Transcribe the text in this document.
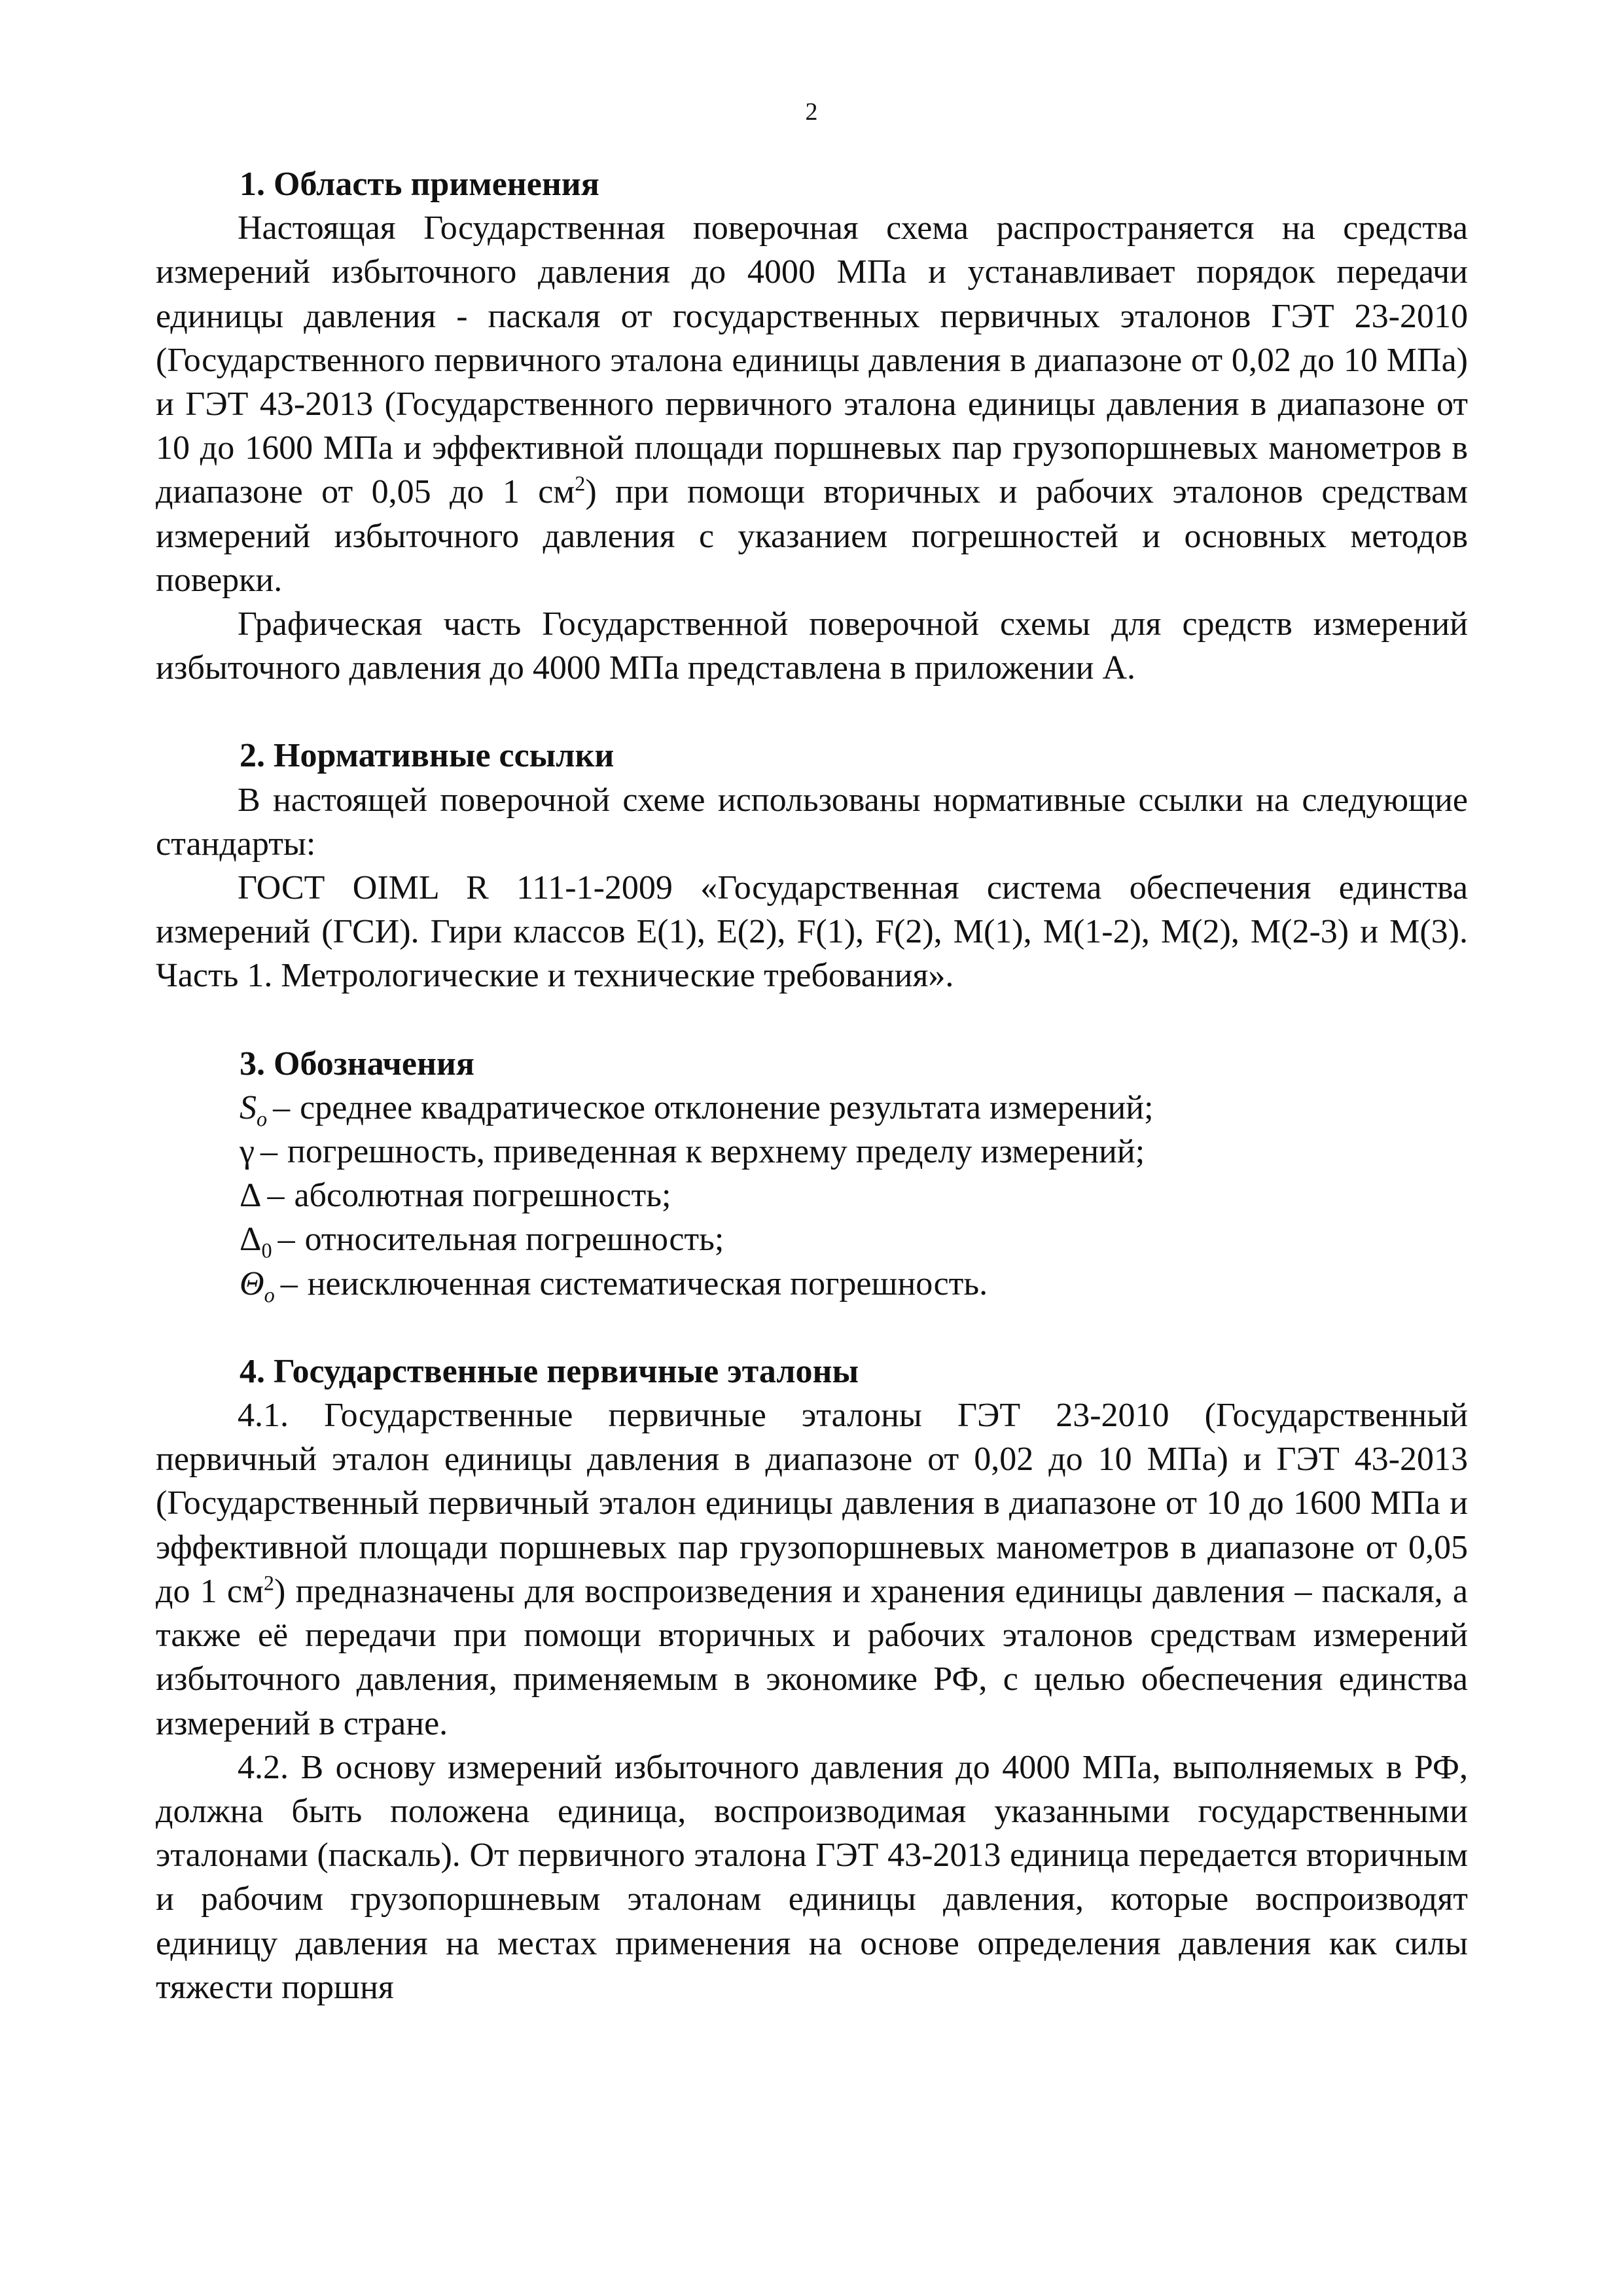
2

1. Область применения

Настоящая Государственная поверочная схема распространяется на средства измерений избыточного давления до 4000 МПа и устанавливает порядок передачи единицы давления - паскаля от государственных первичных эталонов ГЭТ 23-2010 (Государственного первичного эталона единицы давления в диапазоне от 0,02 до 10 МПа) и ГЭТ 43-2013 (Государственного первичного эталона единицы давления в диапазоне от 10 до 1600 МПа и эффективной площади поршневых пар грузопоршневых манометров в диапазоне от 0,05 до 1 $см^2$) при помощи вторичных и рабочих эталонов средствам измерений избыточного давления с указанием погрешностей и основных методов поверки.

Графическая часть Государственной поверочной схемы для средств измерений избыточного давления до 4000 МПа представлена в приложении А.

2. Нормативные ссылки

В настоящей поверочной схеме использованы нормативные ссылки на следующие стандарты:

ГОСТ OIML R 111-1-2009 «Государственная система обеспечения единства измерений (ГСИ). Гири классов Е(1), Е(2), F(1), F(2), М(1), М(1-2), М(2), М(2-3) и М(3). Часть 1. Метрологические и технические требования».

3. Обозначения

$S_о$ – среднее квадратическое отклонение результата измерений;
γ – погрешность, приведенная к верхнему пределу измерений;
Δ – абсолютная погрешность;
$\Delta_0$ – относительная погрешность;
$\Theta_о$ – неисключенная систематическая погрешность.

4. Государственные первичные эталоны

4.1. Государственные первичные эталоны ГЭТ 23-2010 (Государственный первичный эталон единицы давления в диапазоне от 0,02 до 10 МПа) и ГЭТ 43-2013 (Государственный первичный эталон единицы давления в диапазоне от 10 до 1600 МПа и эффективной площади поршневых пар грузопоршневых манометров в диапазоне от 0,05 до 1 $см^2$) предназначены для воспроизведения и хранения единицы давления – паскаля, а также её передачи при помощи вторичных и рабочих эталонов средствам измерений избыточного давления, применяемым в экономике РФ, с целью обеспечения единства измерений в стране.

4.2. В основу измерений избыточного давления до 4000 МПа, выполняемых в РФ, должна быть положена единица, воспроизводимая указанными государственными эталонами (паскаль). От первичного эталона ГЭТ 43-2013 единица передается вторичным и рабочим грузопоршневым эталонам единицы давления, которые воспроизводят единицу давления на местах применения на основе определения давления как силы тяжести поршня
